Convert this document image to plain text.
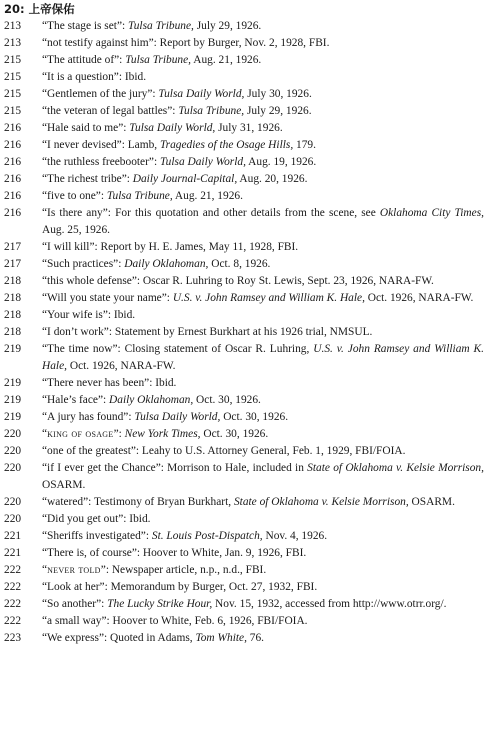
20: 上帝保佑
213	“The stage is set”: Tulsa Tribune, July 29, 1926.
213	“not testify against him”: Report by Burger, Nov. 2, 1928, FBI.
215	“The attitude of”: Tulsa Tribune, Aug. 21, 1926.
215	“It is a question”: Ibid.
215	“Gentlemen of the jury”: Tulsa Daily World, July 30, 1926.
215	“the veteran of legal battles”: Tulsa Tribune, July 29, 1926.
216	“Hale said to me”: Tulsa Daily World, July 31, 1926.
216	“I never devised”: Lamb, Tragedies of the Osage Hills, 179.
216	“the ruthless freebooter”: Tulsa Daily World, Aug. 19, 1926.
216	“The richest tribe”: Daily Journal-Capital, Aug. 20, 1926.
216	“five to one”: Tulsa Tribune, Aug. 21, 1926.
216	“Is there any”: For this quotation and other details from the scene, see Oklahoma City Times, Aug. 25, 1926.
217	“I will kill”: Report by H. E. James, May 11, 1928, FBI.
217	“Such practices”: Daily Oklahoman, Oct. 8, 1926.
218	“this whole defense”: Oscar R. Luhring to Roy St. Lewis, Sept. 23, 1926, NARA-FW.
218	“Will you state your name”: U.S. v. John Ramsey and William K. Hale, Oct. 1926, NARA-FW.
218	“Your wife is”: Ibid.
218	“I don’t work”: Statement by Ernest Burkhart at his 1926 trial, NMSUL.
219	“The time now”: Closing statement of Oscar R. Luhring, U.S. v. John Ramsey and William K. Hale, Oct. 1926, NARA-FW.
219	“There never has been”: Ibid.
219	“Hale’s face”: Daily Oklahoman, Oct. 30, 1926.
219	“A jury has found”: Tulsa Daily World, Oct. 30, 1926.
220	“king of osage”: New York Times, Oct. 30, 1926.
220	“one of the greatest”: Leahy to U.S. Attorney General, Feb. 1, 1929, FBI/FOIA.
220	“if I ever get the Chance”: Morrison to Hale, included in State of Oklahoma v. Kelsie Morrison, OSARM.
220	“watered”: Testimony of Bryan Burkhart, State of Oklahoma v. Kelsie Morrison, OSARM.
220	“Did you get out”: Ibid.
221	“Sheriffs investigated”: St. Louis Post-Dispatch, Nov. 4, 1926.
221	“There is, of course”: Hoover to White, Jan. 9, 1926, FBI.
222	“never told”: Newspaper article, n.p., n.d., FBI.
222	“Look at her”: Memorandum by Burger, Oct. 27, 1932, FBI.
222	“So another”: The Lucky Strike Hour, Nov. 15, 1932, accessed from http://www.otrr.org/.
222	“a small way”: Hoover to White, Feb. 6, 1926, FBI/FOIA.
223	“We express”: Quoted in Adams, Tom White, 76.
